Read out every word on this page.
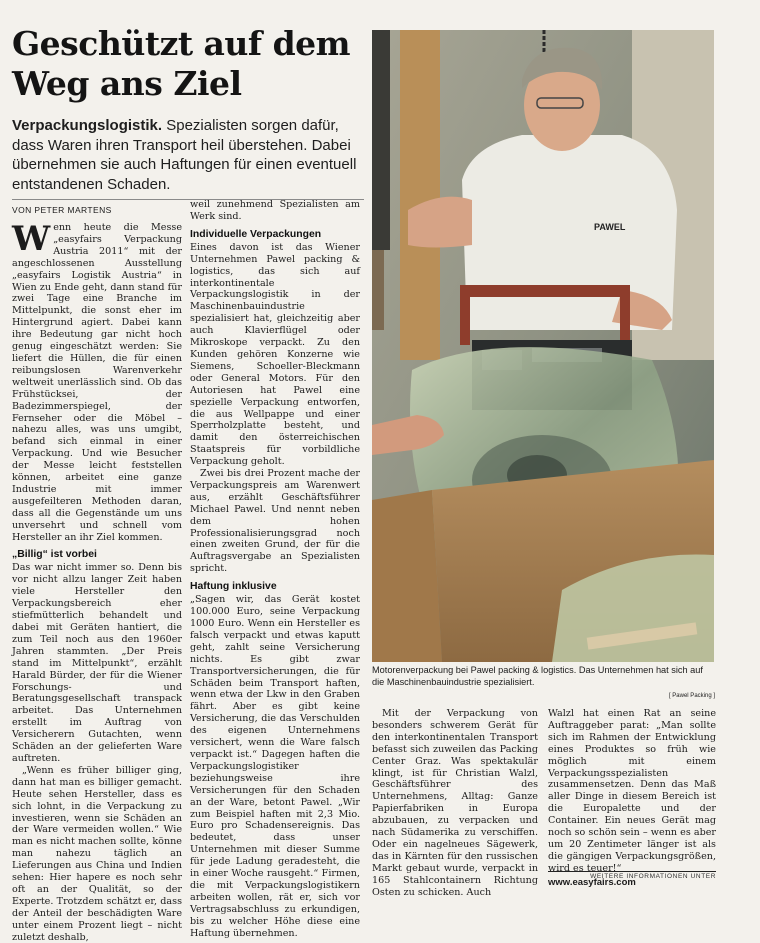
Geschützt auf dem Weg ans Ziel

Verpackungslogistik. Spezialisten sorgen dafür, dass Waren ihren Transport heil überstehen. Dabei übernehmen sie auch Haftungen für einen eventuell entstandenen Schaden.

VON PETER MARTENS

Wenn heute die Messe „easyfairs Verpackung Austria 2011“ mit der angeschlossenen Ausstellung „easyfairs Logistik Austria“ in Wien zu Ende geht, dann stand für zwei Tage eine Branche im Mittelpunkt, die sonst eher im Hintergrund agiert. Dabei kann ihre Bedeutung gar nicht hoch genug eingeschätzt werden: Sie liefert die Hüllen, die für einen reibungslosen Warenverkehr weltweit unerlässlich sind. Ob das Frühstücksei, der Badezimmerspiegel, der Fernseher oder die Möbel – nahezu alles, was uns umgibt, befand sich einmal in einer Verpackung. Und wie Besucher der Messe leicht feststellen können, arbeitet eine ganze Industrie mit immer ausgefeilteren Methoden daran, dass all die Gegenstände um uns unversehrt und schnell vom Hersteller an ihr Ziel kommen.

„Billig“ ist vorbei

Das war nicht immer so. Denn bis vor nicht allzu langer Zeit haben viele Hersteller den Verpackungsbereich eher stiefmütterlich behandelt und dabei mit Geräten hantiert, die zum Teil noch aus den 1960er Jahren stammten. „Der Preis stand im Mittelpunkt“, erzählt Harald Bürder, der für die Wiener Forschungs- und Beratungsgesellschaft transpack arbeitet. Das Unternehmen erstellt im Auftrag von Versicherern Gutachten, wenn Schäden an der gelieferten Ware auftreten.

„Wenn es früher billiger ging, dann hat man es billiger gemacht. Heute sehen Hersteller, dass es sich lohnt, in die Verpackung zu investieren, wenn sie Schäden an der Ware vermeiden wollen.“ Wie man es nicht machen sollte, könne man nahezu täglich an Lieferungen aus China und Indien sehen: Hier hapere es noch sehr oft an der Qualität, so der Experte. Trotzdem schätzt er, dass der Anteil der beschädigten Ware unter einem Prozent liegt – nicht zuletzt deshalb,

weil zunehmend Spezialisten am Werk sind.

Individuelle Verpackungen

Eines davon ist das Wiener Unternehmen Pawel packing & logistics, das sich auf interkontinentale Verpackungslogistik in der Maschinenbauindustrie spezialisiert hat, gleichzeitig aber auch Klavierflügel oder Mikroskope verpackt. Zu den Kunden gehören Konzerne wie Siemens, Schoeller-Bleckmann oder General Motors. Für den Autoriesen hat Pawel eine spezielle Verpackung entworfen, die aus Wellpappe und einer Sperrholzplatte besteht, und damit den österreichischen Staatspreis für vorbildliche Verpackung geholt.

Zwei bis drei Prozent mache der Verpackungspreis am Warenwert aus, erzählt Geschäftsführer Michael Pawel. Und nennt neben dem hohen Professionalisierungsgrad noch einen zweiten Grund, der für die Auftragsvergabe an Spezialisten spricht.

Haftung inklusive

„Sagen wir, das Gerät kostet 100.000 Euro, seine Verpackung 1000 Euro. Wenn ein Hersteller es falsch verpackt und etwas kaputt geht, zahlt seine Versicherung nichts. Es gibt zwar Transportversicherungen, die für Schäden beim Transport haften, wenn etwa der Lkw in den Graben fährt. Aber es gibt keine Versicherung, die das Verschulden des eigenen Unternehmens versichert, wenn die Ware falsch verpackt ist.“ Dagegen haften die Verpackungslogistiker beziehungsweise ihre Versicherungen für den Schaden an der Ware, betont Pawel. „Wir zum Beispiel haften mit 2,3 Mio. Euro pro Schadensereignis. Das bedeutet, dass unser Unternehmen mit dieser Summe für jede Ladung geradesteht, die in einer Woche rausgeht.“ Firmen, die mit Verpackungslogistikern arbeiten wollen, rät er, sich vor Vertragsabschluss zu erkundigen, bis zu welcher Höhe diese eine Haftung übernehmen.

PAWEL
Motorenverpackung bei Pawel packing & logistics. Das Unternehmen hat sich auf die Maschinenbauindustrie spezialisiert.
[ Pawel Packing ]

Mit der Verpackung von besonders schwerem Gerät für den interkontinentalen Transport befasst sich zuweilen das Packing Center Graz. Was spektakulär klingt, ist für Christian Walzl, Geschäftsführer des Unternehmens, Alltag: Ganze Papierfabriken in Europa abzubauen, zu verpacken und nach Südamerika zu verschiffen. Oder ein nagelneues Sägewerk, das in Kärnten für den russischen Markt gebaut wurde, verpackt in 165 Stahlcontainern Richtung Osten zu schicken. Auch

Walzl hat einen Rat an seine Auftraggeber parat: „Man sollte sich im Rahmen der Entwicklung eines Produktes so früh wie möglich mit einem Verpackungsspezialisten zusammensetzen. Denn das Maß aller Dinge in diesem Bereich ist die Europalette und der Container. Ein neues Gerät mag noch so schön sein – wenn es aber um 20 Zentimeter länger ist als die gängigen Verpackungsgrößen, wird es teuer!“

WEITERE INFORMATIONEN UNTER
www.easyfairs.com
